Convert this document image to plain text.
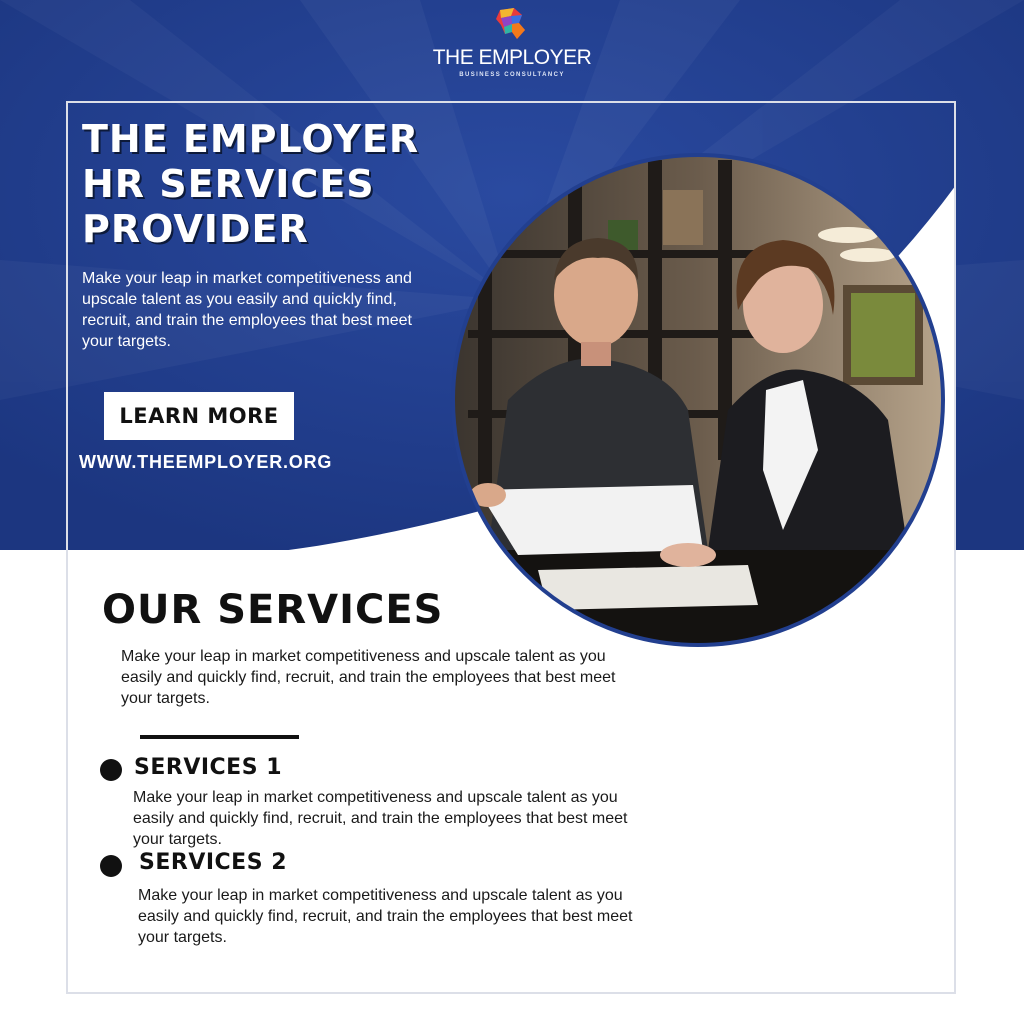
THE EMPLOYER
BUSINESS CONSULTANCY
THE EMPLOYER HR SERVICES PROVIDER

Make your leap in market competitiveness and upscale talent as you easily and quickly find, recruit, and train the employees that best meet your targets.

LEARN MORE
WWW.THEEMPLOYER.ORG
OUR SERVICES

Make your leap in market competitiveness and upscale talent as you easily and quickly find, recruit, and train the employees that best meet your targets.

SERVICES 1

Make your leap in market competitiveness and upscale talent as you easily and quickly find, recruit, and train the employees that best meet your targets.

SERVICES 2

Make your leap in market competitiveness and upscale talent as you easily and quickly find, recruit, and train the employees that best meet your targets.
